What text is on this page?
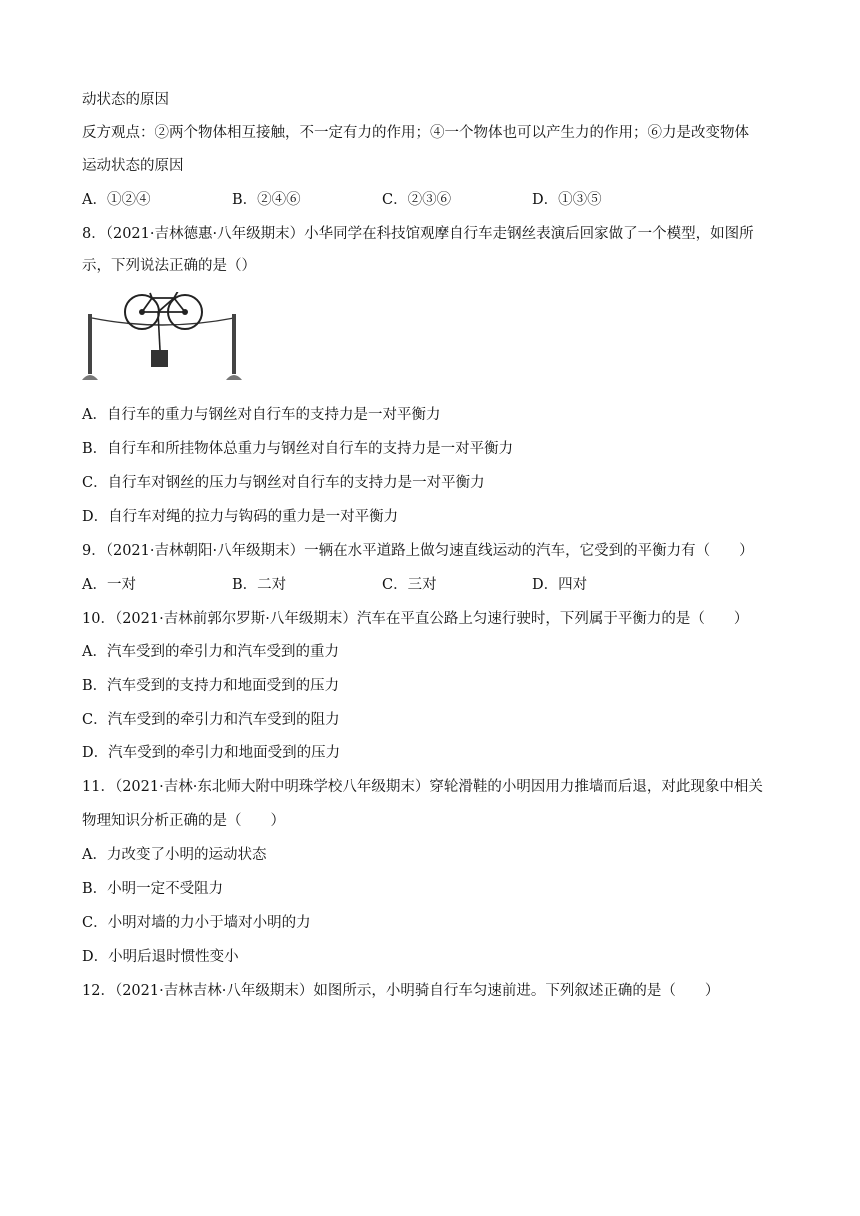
动状态的原因
反方观点：②两个物体相互接触，不一定有力的作用；④一个物体也可以产生力的作用；⑥力是改变物体
运动状态的原因
A．①②④	B．②④⑥	C．②③⑥	D．①③⑤
8．（2021·吉林德惠·八年级期末）小华同学在科技馆观摩自行车走钢丝表演后回家做了一个模型，如图所
示，下列说法正确的是（）
A．自行车的重力与钢丝对自行车的支持力是一对平衡力
B．自行车和所挂物体总重力与钢丝对自行车的支持力是一对平衡力
C．自行车对钢丝的压力与钢丝对自行车的支持力是一对平衡力
D．自行车对绳的拉力与钩码的重力是一对平衡力
9．（2021·吉林朝阳·八年级期末）一辆在水平道路上做匀速直线运动的汽车，它受到的平衡力有（　　）
A．一对	B．二对	C．三对	D．四对
10．（2021·吉林前郭尔罗斯·八年级期末）汽车在平直公路上匀速行驶时，下列属于平衡力的是（　　）
A．汽车受到的牵引力和汽车受到的重力
B．汽车受到的支持力和地面受到的压力
C．汽车受到的牵引力和汽车受到的阻力
D．汽车受到的牵引力和地面受到的压力
11．（2021·吉林·东北师大附中明珠学校八年级期末）穿轮滑鞋的小明因用力推墙而后退，对此现象中相关
物理知识分析正确的是（　　）
A．力改变了小明的运动状态
B．小明一定不受阻力
C．小明对墙的力小于墙对小明的力
D．小明后退时惯性变小
12．（2021·吉林吉林·八年级期末）如图所示，小明骑自行车匀速前进。下列叙述正确的是（　　）
